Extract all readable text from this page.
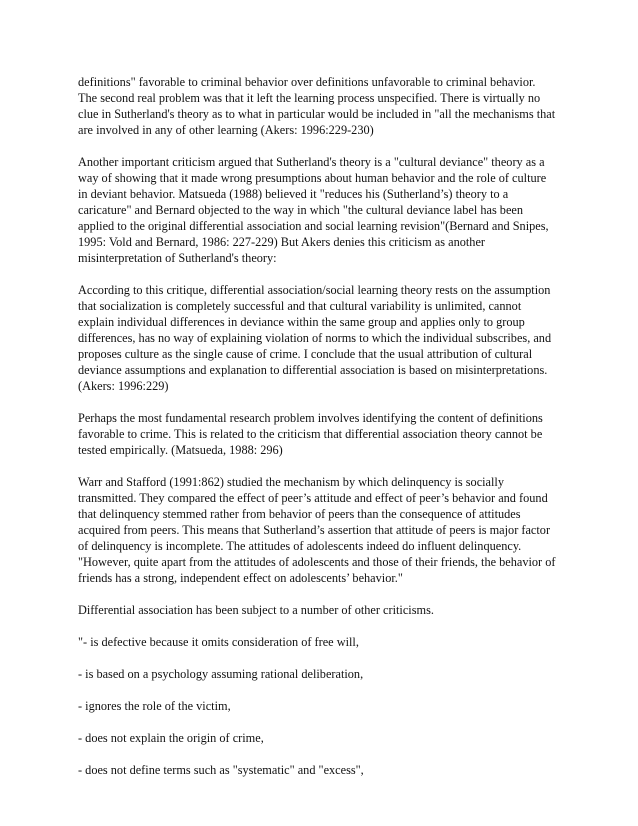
definitions" favorable to criminal behavior over definitions unfavorable to criminal behavior.
The second real problem was that it left the learning process unspecified. There is virtually no
clue in Sutherland's theory as to what in particular would be included in "all the mechanisms that
are involved in any of other learning (Akers: 1996:229-230)

Another important criticism argued that Sutherland's theory is a "cultural deviance" theory as a
way of showing that it made wrong presumptions about human behavior and the role of culture
in deviant behavior. Matsueda (1988) believed it "reduces his (Sutherland’s) theory to a
caricature" and Bernard objected to the way in which "the cultural deviance label has been
applied to the original differential association and social learning revision"(Bernard and Snipes,
1995: Vold and Bernard, 1986: 227-229) But Akers denies this criticism as another
misinterpretation of Sutherland's theory:

According to this critique, differential association/social learning theory rests on the assumption
that socialization is completely successful and that cultural variability is unlimited, cannot
explain individual differences in deviance within the same group and applies only to group
differences, has no way of explaining violation of norms to which the individual subscribes, and
proposes culture as the single cause of crime. I conclude that the usual attribution of cultural
deviance assumptions and explanation to differential association is based on misinterpretations.
(Akers: 1996:229)

Perhaps the most fundamental research problem involves identifying the content of definitions
favorable to crime. This is related to the criticism that differential association theory cannot be
tested empirically. (Matsueda, 1988: 296)

Warr and Stafford (1991:862) studied the mechanism by which delinquency is socially
transmitted. They compared the effect of peer’s attitude and effect of peer’s behavior and found
that delinquency stemmed rather from behavior of peers than the consequence of attitudes
acquired from peers. This means that Sutherland’s assertion that attitude of peers is major factor
of delinquency is incomplete. The attitudes of adolescents indeed do influent delinquency.
"However, quite apart from the attitudes of adolescents and those of their friends, the behavior of
friends has a strong, independent effect on adolescents’ behavior."

Differential association has been subject to a number of other criticisms.

"- is defective because it omits consideration of free will,

- is based on a psychology assuming rational deliberation,

- ignores the role of the victim,

- does not explain the origin of crime,

- does not define terms such as "systematic" and "excess",
